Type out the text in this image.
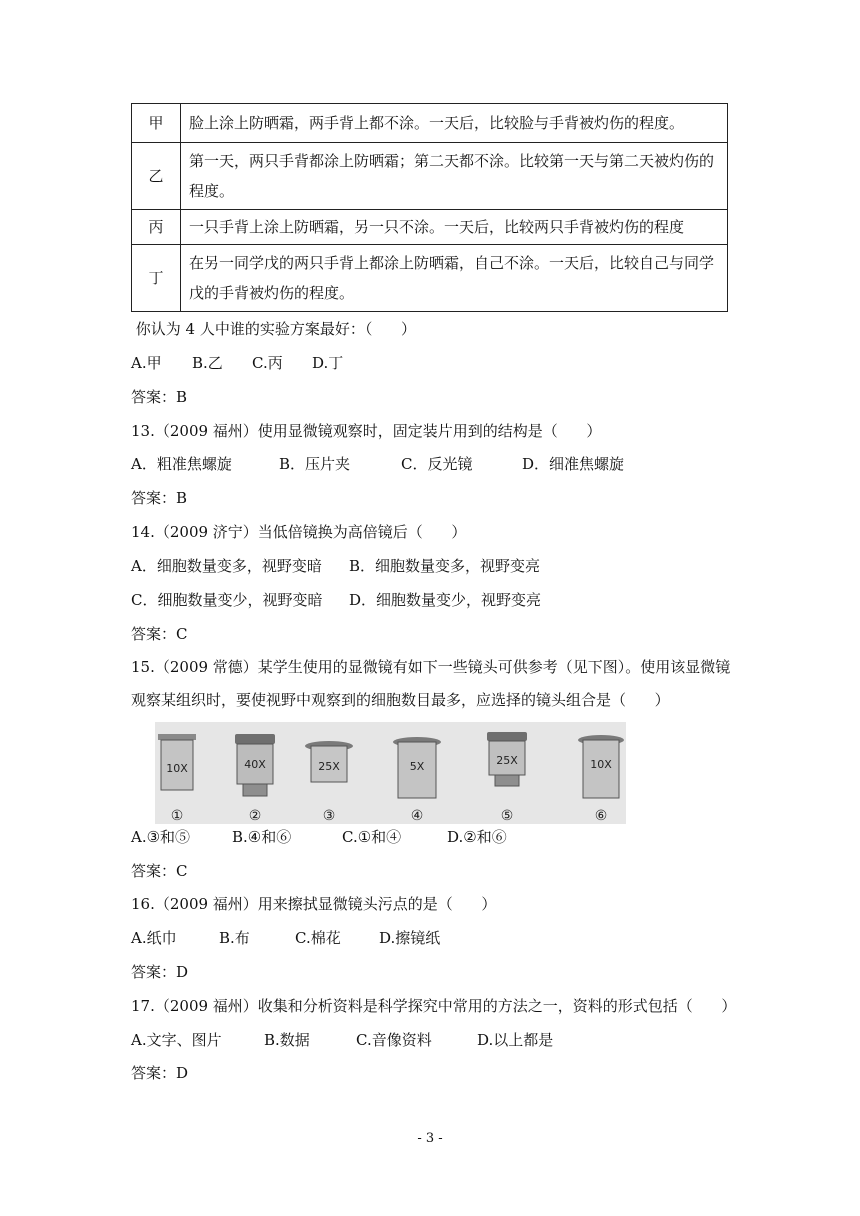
甲	脸上涂上防晒霜，两手背上都不涂。一天后，比较脸与手背被灼伤的程度。
乙	第一天，两只手背都涂上防晒霜；第二天都不涂。比较第一天与第二天被灼伤的程度。
丙	一只手背上涂上防晒霜，另一只不涂。一天后，比较两只手背被灼伤的程度
丁	在另一同学戊的两只手背上都涂上防晒霜，自己不涂。一天后，比较自己与同学戊的手背被灼伤的程度。
你认为 4 人中谁的实验方案最好：（      ）
A.甲 B.乙 C.丙 D.丁
答案：B
13.（2009 福州）使用显微镜观察时，固定装片用到的结构是（      ）
A．粗准焦螺旋	B．压片夹	C．反光镜	D．细准焦螺旋
答案：B
14.（2009 济宁）当低倍镜换为高倍镜后（      ）
A．细胞数量变多，视野变暗 B．细胞数量变多，视野变亮
C．细胞数量变少，视野变暗 D．细胞数量变少，视野变亮
答案：C
15.（2009 常德）某学生使用的显微镜有如下一些镜头可供参考（见下图）。使用该显微镜
观察某组织时，要使视野中观察到的细胞数目最多，应选择的镜头组合是（      ）
10X
①
40X
②
25X
③
5X
④
25X
⑤
10X
⑥
A.③和⑤	B.④和⑥	C.①和④	D.②和⑥
答案：C
16.（2009 福州）用来擦拭显微镜头污点的是（      ）
A.纸巾	B.布	C.棉花	D.擦镜纸
答案：D
17.（2009 福州）收集和分析资料是科学探究中常用的方法之一，资料的形式包括（      ）
A.文字、图片	B.数据	C.音像资料	D.以上都是
答案：D
- 3 -
